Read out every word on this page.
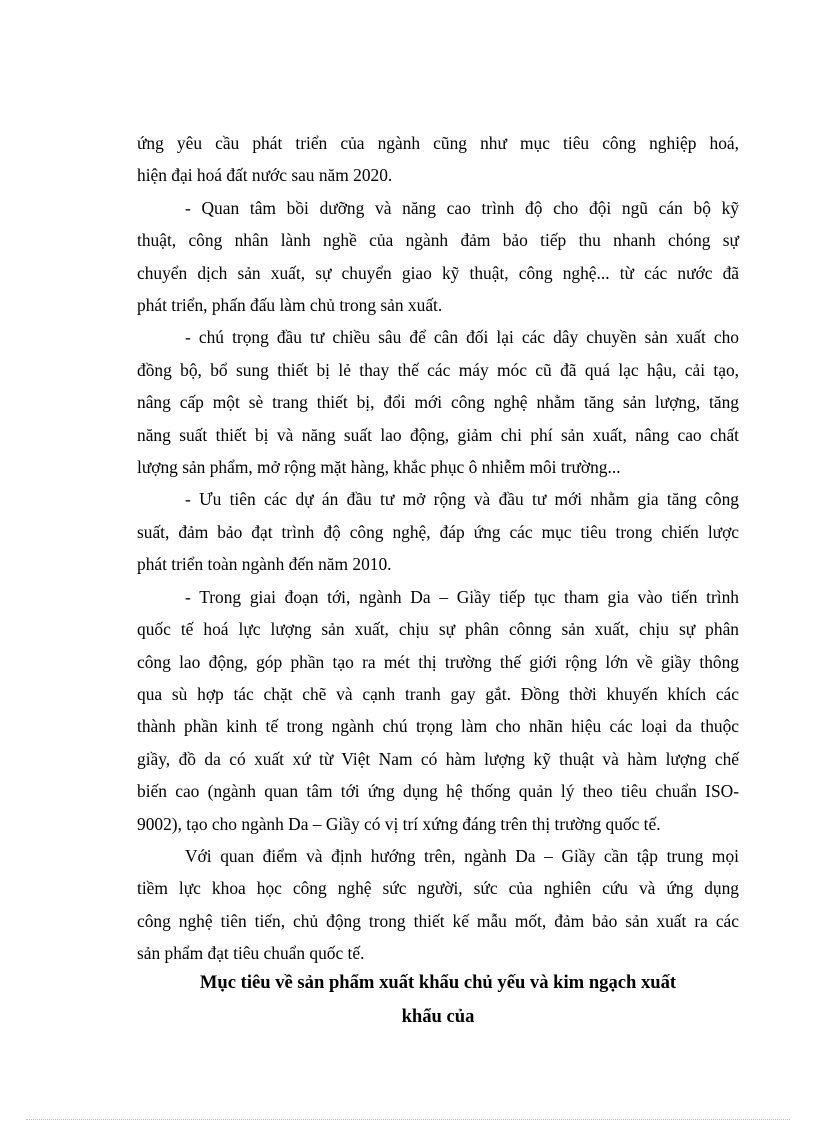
ứng yêu cầu phát triển của ngành cũng như mục tiêu công nghiệp hoá,
hiện đại hoá đất nước sau năm 2020.
- Quan tâm bồi dưỡng và năng cao trình độ cho đội ngũ cán bộ kỹ
thuật, công nhân lành nghề của ngành đảm bảo tiếp thu nhanh chóng sự
chuyển dịch sản xuất, sự chuyển giao kỹ thuật, công nghệ... từ các nước đã
phát triển, phấn đấu làm chủ trong sản xuất.
- chú trọng đầu tư chiều sâu để cân đối lại các dây chuyền sản xuất cho
đồng bộ, bổ sung thiết bị lẻ thay thế các máy móc cũ đã quá lạc hậu, cải tạo,
nâng cấp một sè trang thiết bị, đổi mới công nghệ nhằm tăng sản lượng, tăng
năng suất thiết bị và năng suất lao động, giảm chi phí sản xuất, nâng cao chất
lượng sản phẩm, mở rộng mặt hàng, khắc phục ô nhiễm môi trường...
- Ưu tiên các dự án đầu tư mở rộng và đầu tư mới nhằm gia tăng công
suất, đảm bảo đạt trình độ công nghệ, đáp ứng các mục tiêu trong chiến lược
phát triển toàn ngành đến năm 2010.
- Trong giai đoạn tới, ngành Da – Giầy tiếp tục tham gia vào tiến trình
quốc tế hoá lực lượng sản xuất, chịu sự phân cônng sản xuất, chịu sự phân
công lao động, góp phần tạo ra mét thị trường thế giới rộng lớn về giầy thông
qua sù hợp tác chặt chẽ và cạnh tranh gay gắt. Đồng thời khuyến khích các
thành phần kinh tế trong ngành chú trọng làm cho nhãn hiệu các loại da thuộc
giầy, đồ da có xuất xứ từ Việt Nam có hàm lượng kỹ thuật và hàm lượng chế
biến cao (ngành quan tâm tới ứng dụng hệ thống quản lý theo tiêu chuẩn ISO-
9002), tạo cho ngành Da – Giầy có vị trí xứng đáng trên thị trường quốc tế.
Với quan điểm và định hướng trên, ngành Da – Giầy cần tập trung mọi
tiềm lực khoa học công nghệ sức người, sức của nghiên cứu và ứng dụng
công nghệ tiên tiến, chủ động trong thiết kế mẫu mốt, đảm bảo sản xuất ra các
sản phẩm đạt tiêu chuẩn quốc tế.
Mục tiêu về sản phẩm xuất khẩu chủ yếu và kim ngạch xuất
khẩu của
